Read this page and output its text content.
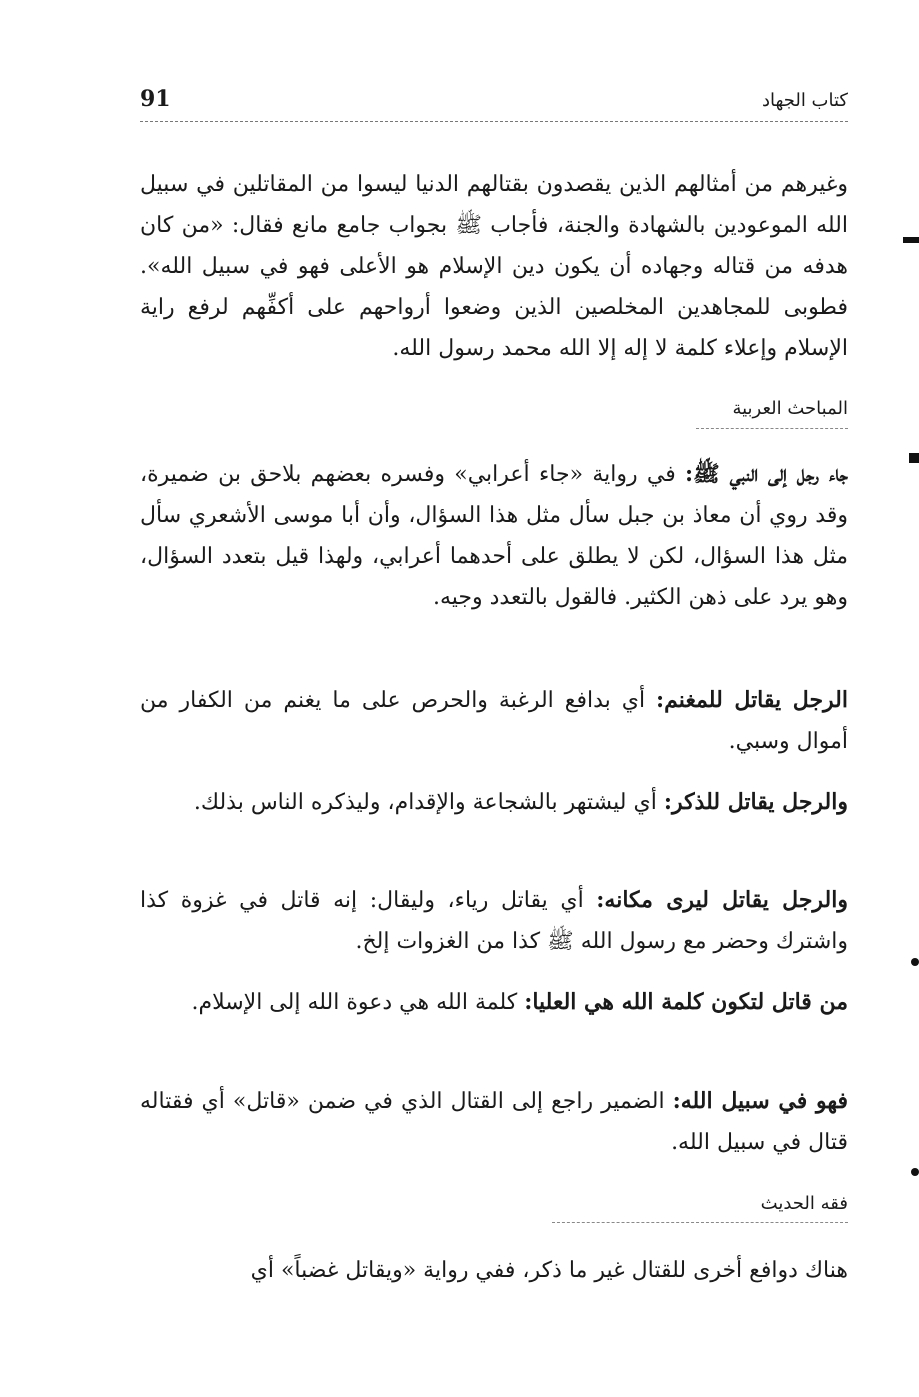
كتاب الجهاد
91
وغيرهم من أمثالهم الذين يقصدون بقتالهم الدنيا ليسوا من المقاتلين في سبيل الله الموعودين بالشهادة والجنة، فأجاب ﷺ بجواب جامع مانع فقال: «من كان هدفه من قتاله وجهاده أن يكون دين الإسلام هو الأعلى فهو في سبيل الله». فطوبى للمجاهدين المخلصين الذين وضعوا أرواحهم على أكفِّهم لرفع راية الإسلام وإعلاء كلمة لا إله إلا الله محمد رسول الله.
المباحث العربية
جاء رجل إلى النبي ﷺ: في رواية «جاء أعرابي» وفسره بعضهم بلاحق بن ضميرة، وقد روي أن معاذ بن جبل سأل مثل هذا السؤال، وأن أبا موسى الأشعري سأل مثل هذا السؤال، لكن لا يطلق على أحدهما أعرابي، ولهذا قيل بتعدد السؤال، وهو يرد على ذهن الكثير. فالقول بالتعدد وجيه.
الرجل يقاتل للمغنم: أي بدافع الرغبة والحرص على ما يغنم من الكفار من أموال وسبي.
والرجل يقاتل للذكر: أي ليشتهر بالشجاعة والإقدام، وليذكره الناس بذلك.
والرجل يقاتل ليرى مكانه: أي يقاتل رياء، وليقال: إنه قاتل في غزوة كذا واشترك وحضر مع رسول الله ﷺ كذا من الغزوات إلخ.
من قاتل لتكون كلمة الله هي العليا: كلمة الله هي دعوة الله إلى الإسلام.
فهو في سبيل الله: الضمير راجع إلى القتال الذي في ضمن «قاتل» أي فقتاله قتال في سبيل الله.
فقه الحديث
هناك دوافع أخرى للقتال غير ما ذكر، ففي رواية «ويقاتل غضباً» أي
